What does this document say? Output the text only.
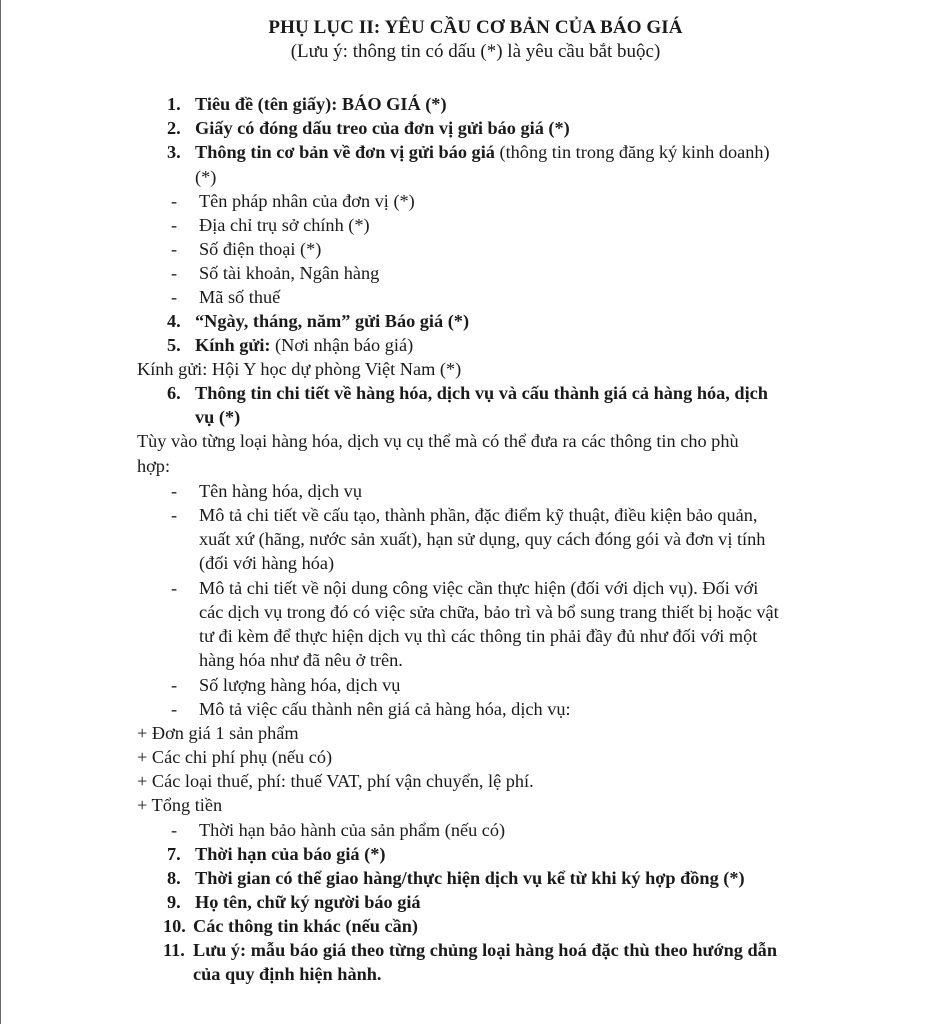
PHỤ LỤC II: YÊU CẦU CƠ BẢN CỦA BÁO GIÁ
(Lưu ý: thông tin có dấu (*) là yêu cầu bắt buộc)
1. Tiêu đề (tên giấy): BÁO GIÁ (*)
2. Giấy có đóng dấu treo của đơn vị gửi báo giá (*)
3. Thông tin cơ bản về đơn vị gửi báo giá (thông tin trong đăng ký kinh doanh)
(*)
- Tên pháp nhân của đơn vị (*)
- Địa chỉ trụ sở chính (*)
- Số điện thoại (*)
- Số tài khoản, Ngân hàng
- Mã số thuế
4. “Ngày, tháng, năm” gửi Báo giá (*)
5. Kính gửi: (Nơi nhận báo giá)
Kính gửi: Hội Y học dự phòng Việt Nam (*)
6. Thông tin chi tiết về hàng hóa, dịch vụ và cấu thành giá cả hàng hóa, dịch
vụ (*)
Tùy vào từng loại hàng hóa, dịch vụ cụ thể mà có thể đưa ra các thông tin cho phù
hợp:
- Tên hàng hóa, dịch vụ
- Mô tả chi tiết về cấu tạo, thành phần, đặc điểm kỹ thuật, điều kiện bảo quản,
xuất xứ (hãng, nước sản xuất), hạn sử dụng, quy cách đóng gói và đơn vị tính
(đối với hàng hóa)
- Mô tả chi tiết về nội dung công việc cần thực hiện (đối với dịch vụ). Đối với
các dịch vụ trong đó có việc sửa chữa, bảo trì và bổ sung trang thiết bị hoặc vật
tư đi kèm để thực hiện dịch vụ thì các thông tin phải đầy đủ như đối với một
hàng hóa như đã nêu ở trên.
- Số lượng hàng hóa, dịch vụ
- Mô tả việc cấu thành nên giá cả hàng hóa, dịch vụ:
+ Đơn giá 1 sản phẩm
+ Các chi phí phụ (nếu có)
+ Các loại thuế, phí: thuế VAT, phí vận chuyển, lệ phí.
+ Tổng tiền
- Thời hạn bảo hành của sản phẩm (nếu có)
7. Thời hạn của báo giá (*)
8. Thời gian có thể giao hàng/thực hiện dịch vụ kể từ khi ký hợp đồng (*)
9. Họ tên, chữ ký người báo giá
10. Các thông tin khác (nếu cần)
11. Lưu ý: mẫu báo giá theo từng chủng loại hàng hoá đặc thù theo hướng dẫn
của quy định hiện hành.
